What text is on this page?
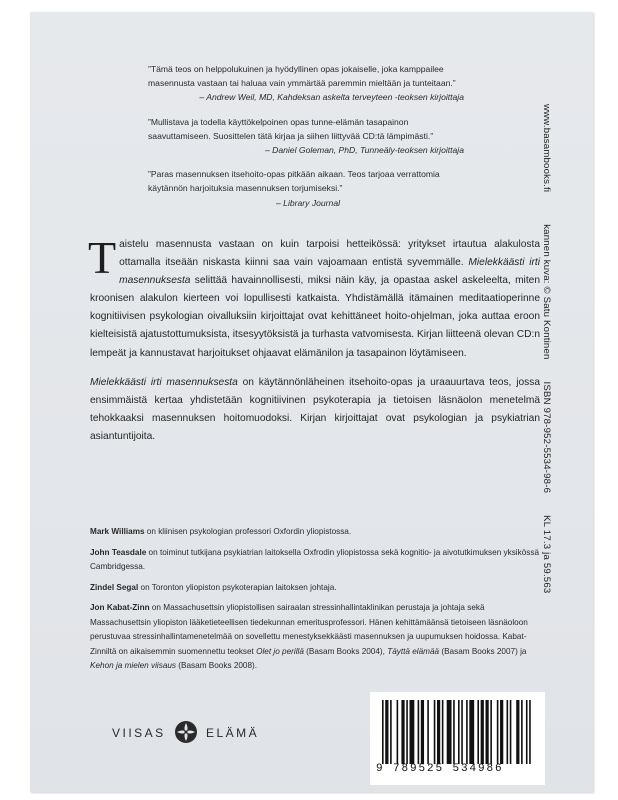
”Tämä teos on helppolukuinen ja hyödyllinen opas jokaiselle, joka kamppailee masennusta vastaan tai haluaa vain ymmärtää paremmin mieltään ja tunteitaan.”
– Andrew Weil, MD, Kahdeksan askelta terveyteen -teoksen kirjoittaja
”Mullistava ja todella käyttökelpoinen opas tunne-elämän tasapainon saavuttamiseen. Suosittelen tätä kirjaa ja siihen liittyvää CD:tä lämpimästi.”
– Daniel Goleman, PhD, Tunneäly-teoksen kirjoittaja
”Paras masennuksen itsehoito-opas pitkään aikaan. Teos tarjoaa verrattomia käytännön harjoituksia masennuksen torjumiseksi.”
– Library Journal

Taistelu masennusta vastaan on kuin tarpoisi hetteikössä: yritykset irtautua alakulosta ottamalla itseään niskasta kiinni saa vain vajoamaan entistä syvemmälle. Mielekkäästi irti masennuksesta selittää havainnollisesti, miksi näin käy, ja opastaa askel askeleelta, miten kroonisen alakulon kierteen voi lopullisesti katkaista. Yhdistämällä itämainen meditaatioperinne kognitiivisen psykologian oivalluksiin kirjoittajat ovat kehittäneet hoito-ohjelman, joka auttaa eroon kielteisistä ajatustottumuksista, itsesyytöksistä ja turhasta vatvomisesta. Kirjan liitteenä olevan CD:n lempeät ja kannustavat harjoitukset ohjaavat elämänilon ja tasapainon löytämiseen.

Mielekkäästi irti masennuksesta on käytännönläheinen itsehoito-opas ja uraauurtava teos, jossa ensimmäistä kertaa yhdistetään kognitiivinen psykoterapia ja tietoisen läsnäolon menetelmä tehokkaaksi masennuksen hoitomuodoksi. Kirjan kirjoittajat ovat psykologian ja psykiatrian asiantuntijoita.

Mark Williams on kliinisen psykologian professori Oxfordin yliopistossa.

John Teasdale on toiminut tutkijana psykiatrian laitoksella Oxfrodin yliopistossa sekä kognitio- ja aivotutkimuksen yksikössä Cambridgessa.

Zindel Segal on Toronton yliopiston psykoterapian laitoksen johtaja.

Jon Kabat-Zinn on Massachusettsin yliopistollisen sairaalan stressinhallintaklinikan perustaja ja johtaja sekä Massachusettsin yliopiston lääketieteellisen tiedekunnan emeritusprofessori. Hänen kehittämäänsä tietoiseen läsnäoloon perustuvaa stressinhallintamenetelmää on sovellettu menestyksekkäästi masennuksen ja uupumuksen hoidossa. Kabat-Zinniltä on aikaisemmin suomennettu teokset Olet jo perillä (Basam Books 2004), Täyttä elämää (Basam Books 2007) ja Kehon ja mielen viisaus (Basam Books 2008).

www.basambooks.fikannen kuva: © Satu KontinenISBN 978-952-5534-98-6KL 17.3 ja 59.563
VIISAS	ELÄMÄ
9 789525 534986
